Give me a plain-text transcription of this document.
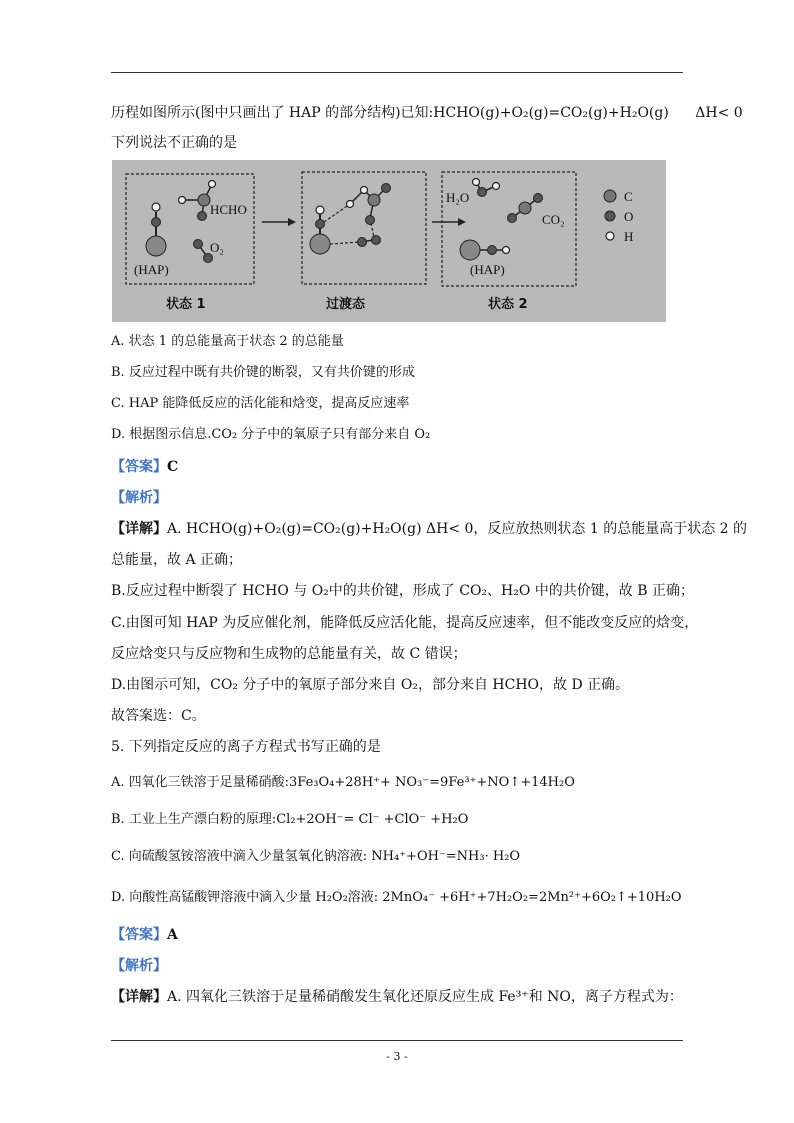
历程如图所示(图中只画出了 HAP 的部分结构)已知:HCHO(g)+O₂(g)=CO₂(g)+H₂O(g) ΔH< 0
下列说法不正确的是
(HAP)
HCHO
O₂
H₂O
CO₂
(HAP)
C
O
H
状态 1	过渡态	状态 2
A. 状态 1 的总能量高于状态 2 的总能量
B. 反应过程中既有共价键的断裂，又有共价键的形成
C. HAP 能降低反应的活化能和焓变，提高反应速率
D. 根据图示信息.CO₂ 分子中的氧原子只有部分来自 O₂
【答案】C
【解析】
【详解】A. HCHO(g)+O₂(g)=CO₂(g)+H₂O(g) ΔH< 0，反应放热则状态 1 的总能量高于状态 2 的
总能量，故 A 正确；
B.反应过程中断裂了 HCHO 与 O₂中的共价键，形成了 CO₂、H₂O 中的共价键，故 B 正确；
C.由图可知 HAP 为反应催化剂，能降低反应活化能，提高反应速率，但不能改变反应的焓变，
反应焓变只与反应物和生成物的总能量有关，故 C 错误；
D.由图示可知，CO₂ 分子中的氧原子部分来自 O₂，部分来自 HCHO，故 D 正确。
故答案选：C。
5. 下列指定反应的离子方程式书写正确的是
A. 四氧化三铁溶于足量稀硝酸:3Fe₃O₄+28H⁺+ NO₃⁻=9Fe³⁺+NO↑+14H₂O
B. 工业上生产漂白粉的原理:Cl₂+2OH⁻= Cl⁻ +ClO⁻ +H₂O
C. 向硫酸氢铵溶液中滴入少量氢氧化钠溶液: NH₄⁺+OH⁻=NH₃· H₂O
D. 向酸性高锰酸钾溶液中滴入少量 H₂O₂溶液: 2MnO₄⁻ +6H⁺+7H₂O₂=2Mn²⁺+6O₂↑+10H₂O
【答案】A
【解析】
【详解】A. 四氧化三铁溶于足量稀硝酸发生氧化还原反应生成 Fe³⁺和 NO，离子方程式为：
- 3 -
